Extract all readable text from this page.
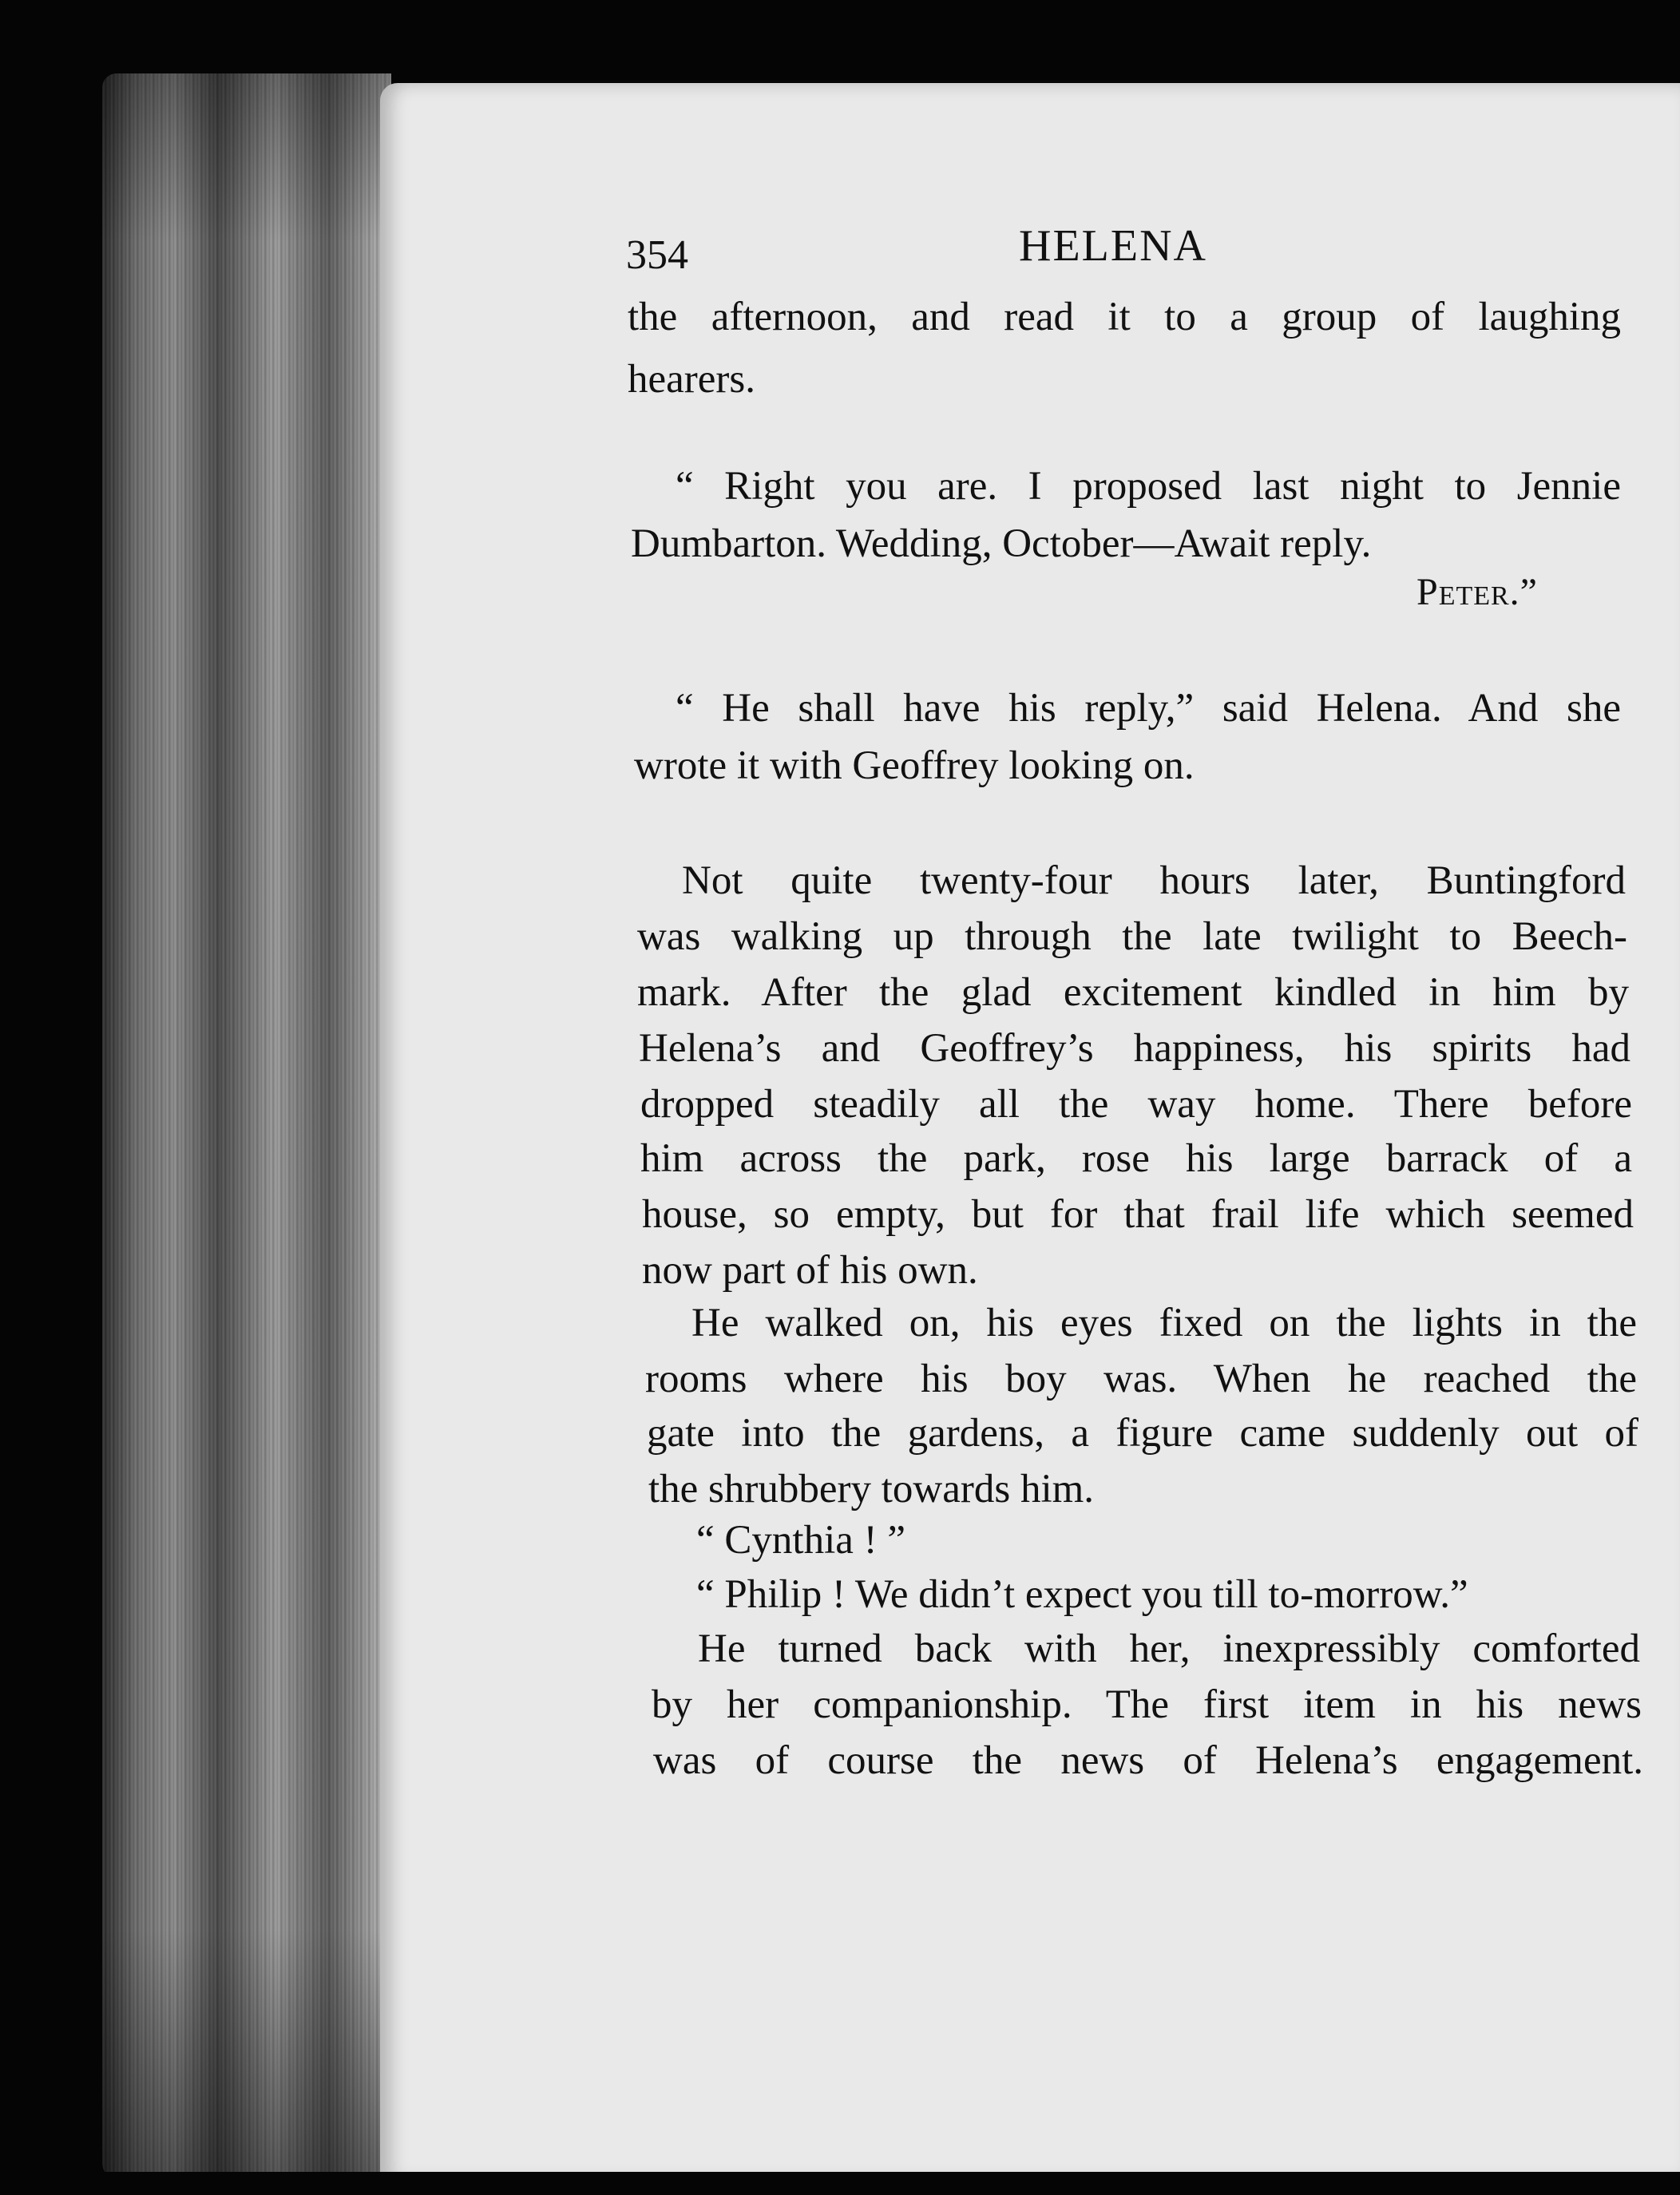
354	HELENA

the afternoon, and read it to a group of laughing

hearers.

“ Right you are. I proposed last night to Jennie

Dumbarton. Wedding, October—Await reply.

Peter.”

“ He shall have his reply,” said Helena. And she

wrote it with Geoffrey looking on.

Not quite twenty-four hours later, Buntingford

was walking up through the late twilight to Beech-

mark. After the glad excitement kindled in him by

Helena’s and Geoffrey’s happiness, his spirits had

dropped steadily all the way home. There before

him across the park, rose his large barrack of a

house, so empty, but for that frail life which seemed

now part of his own.

He walked on, his eyes fixed on the lights in the

rooms where his boy was. When he reached the

gate into the gardens, a figure came suddenly out of

the shrubbery towards him.

“ Cynthia ! ”

“ Philip ! We didn’t expect you till to-morrow.”

He turned back with her, inexpressibly comforted

by her companionship. The first item in his news

was of course the news of Helena’s engagement.
